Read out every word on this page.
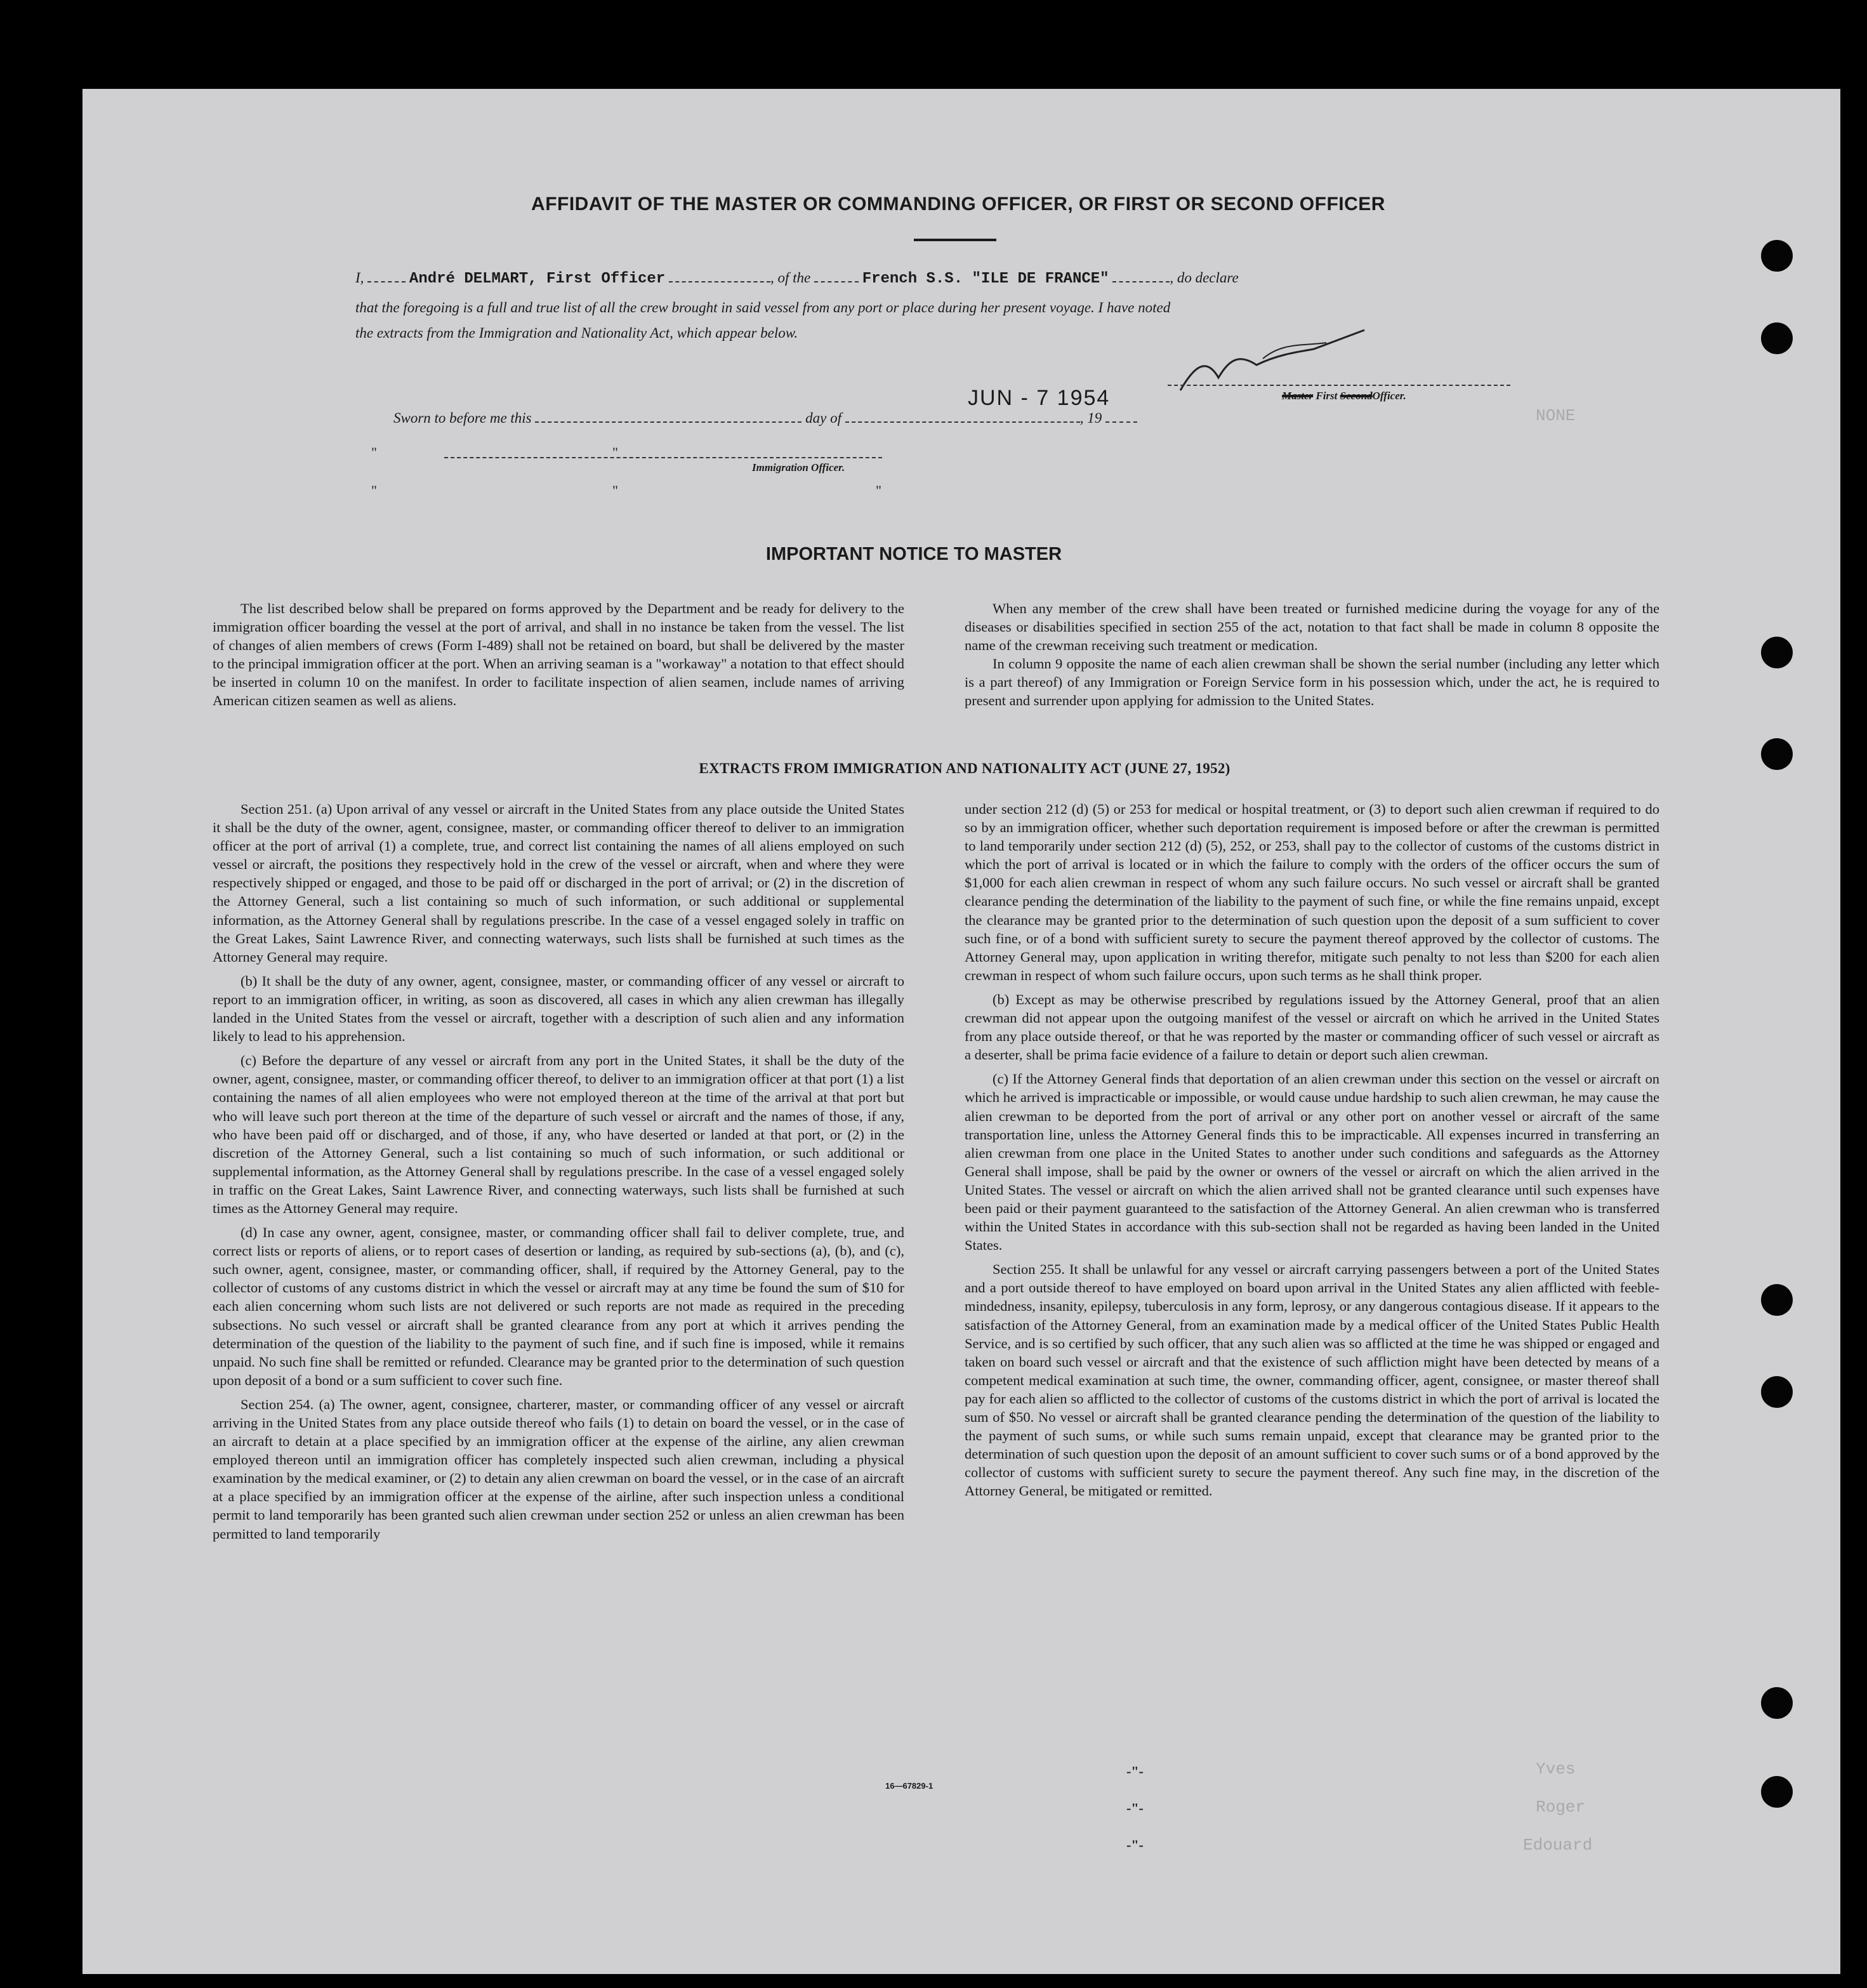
NONE
Yves
Roger
Edouard
AFFIDAVIT OF THE MASTER OR COMMANDING OFFICER, OR FIRST OR SECOND OFFICER
I,	André DELMART, First Officer	, of the	French S.S. "ILE DE FRANCE"	, do declare
that the foregoing is a full and true list of all the crew brought in said vessel from any port or place during her present voyage. I have noted
the extracts from the Immigration and Nationality Act, which appear below.
Master First SecondOfficer.
JUN - 7 1954
Sworn to before me this	day of	, 19
"	"
Immigration Officer.
"	"	"
IMPORTANT NOTICE TO MASTER

The list described below shall be prepared on forms approved by the Department and be ready for delivery to the immigration officer boarding the vessel at the port of arrival, and shall in no instance be taken from the vessel. The list of changes of alien members of crews (Form I-489) shall not be retained on board, but shall be delivered by the master to the principal immigration officer at the port. When an arriving seaman is a "workaway" a notation to that effect should be inserted in column 10 on the manifest. In order to facilitate inspection of alien seamen, include names of arriving American citizen seamen as well as aliens.

When any member of the crew shall have been treated or furnished medicine during the voyage for any of the diseases or disabilities specified in section 255 of the act, notation to that fact shall be made in column 8 opposite the name of the crewman receiving such treatment or medication.

In column 9 opposite the name of each alien crewman shall be shown the serial number (including any letter which is a part thereof) of any Immigration or Foreign Service form in his possession which, under the act, he is required to present and surrender upon applying for admission to the United States.

EXTRACTS FROM IMMIGRATION AND NATIONALITY ACT (JUNE 27, 1952)

Section 251. (a) Upon arrival of any vessel or aircraft in the United States from any place outside the United States it shall be the duty of the owner, agent, consignee, master, or commanding officer thereof to deliver to an immigration officer at the port of arrival (1) a complete, true, and correct list containing the names of all aliens employed on such vessel or aircraft, the positions they respectively hold in the crew of the vessel or aircraft, when and where they were respectively shipped or engaged, and those to be paid off or discharged in the port of arrival; or (2) in the discretion of the Attorney General, such a list containing so much of such information, or such additional or supplemental information, as the Attorney General shall by regulations prescribe. In the case of a vessel engaged solely in traffic on the Great Lakes, Saint Lawrence River, and connecting waterways, such lists shall be furnished at such times as the Attorney General may require.

(b) It shall be the duty of any owner, agent, consignee, master, or commanding officer of any vessel or aircraft to report to an immigration officer, in writing, as soon as discovered, all cases in which any alien crewman has illegally landed in the United States from the vessel or aircraft, together with a description of such alien and any information likely to lead to his apprehension.

(c) Before the departure of any vessel or aircraft from any port in the United States, it shall be the duty of the owner, agent, consignee, master, or commanding officer thereof, to deliver to an immigration officer at that port (1) a list containing the names of all alien employees who were not employed thereon at the time of the arrival at that port but who will leave such port thereon at the time of the departure of such vessel or aircraft and the names of those, if any, who have been paid off or discharged, and of those, if any, who have deserted or landed at that port, or (2) in the discretion of the Attorney General, such a list containing so much of such information, or such additional or supplemental information, as the Attorney General shall by regulations prescribe. In the case of a vessel engaged solely in traffic on the Great Lakes, Saint Lawrence River, and connecting waterways, such lists shall be furnished at such times as the Attorney General may require.

(d) In case any owner, agent, consignee, master, or commanding officer shall fail to deliver complete, true, and correct lists or reports of aliens, or to report cases of desertion or landing, as required by sub-sections (a), (b), and (c), such owner, agent, consignee, master, or commanding officer, shall, if required by the Attorney General, pay to the collector of customs of any customs district in which the vessel or aircraft may at any time be found the sum of $10 for each alien concerning whom such lists are not delivered or such reports are not made as required in the preceding subsections. No such vessel or aircraft shall be granted clearance from any port at which it arrives pending the determination of the question of the liability to the payment of such fine, and if such fine is imposed, while it remains unpaid. No such fine shall be remitted or refunded. Clearance may be granted prior to the determination of such question upon deposit of a bond or a sum sufficient to cover such fine.

Section 254. (a) The owner, agent, consignee, charterer, master, or commanding officer of any vessel or aircraft arriving in the United States from any place outside thereof who fails (1) to detain on board the vessel, or in the case of an aircraft to detain at a place specified by an immigration officer at the expense of the airline, any alien crewman employed thereon until an immigration officer has completely inspected such alien crewman, including a physical examination by the medical examiner, or (2) to detain any alien crewman on board the vessel, or in the case of an aircraft at a place specified by an immigration officer at the expense of the airline, after such inspection unless a conditional permit to land temporarily has been granted such alien crewman under section 252 or unless an alien crewman has been permitted to land temporarily

under section 212 (d) (5) or 253 for medical or hospital treatment, or (3) to deport such alien crewman if required to do so by an immigration officer, whether such deportation requirement is imposed before or after the crewman is permitted to land temporarily under section 212 (d) (5), 252, or 253, shall pay to the collector of customs of the customs district in which the port of arrival is located or in which the failure to comply with the orders of the officer occurs the sum of $1,000 for each alien crewman in respect of whom any such failure occurs. No such vessel or aircraft shall be granted clearance pending the determination of the liability to the payment of such fine, or while the fine remains unpaid, except the clearance may be granted prior to the determination of such question upon the deposit of a sum sufficient to cover such fine, or of a bond with sufficient surety to secure the payment thereof approved by the collector of customs. The Attorney General may, upon application in writing therefor, mitigate such penalty to not less than $200 for each alien crewman in respect of whom such failure occurs, upon such terms as he shall think proper.

(b) Except as may be otherwise prescribed by regulations issued by the Attorney General, proof that an alien crewman did not appear upon the outgoing manifest of the vessel or aircraft on which he arrived in the United States from any place outside thereof, or that he was reported by the master or commanding officer of such vessel or aircraft as a deserter, shall be prima facie evidence of a failure to detain or deport such alien crewman.

(c) If the Attorney General finds that deportation of an alien crewman under this section on the vessel or aircraft on which he arrived is impracticable or impossible, or would cause undue hardship to such alien crewman, he may cause the alien crewman to be deported from the port of arrival or any other port on another vessel or aircraft of the same transportation line, unless the Attorney General finds this to be impracticable. All expenses incurred in transferring an alien crewman from one place in the United States to another under such conditions and safeguards as the Attorney General shall impose, shall be paid by the owner or owners of the vessel or aircraft on which the alien arrived in the United States. The vessel or aircraft on which the alien arrived shall not be granted clearance until such expenses have been paid or their payment guaranteed to the satisfaction of the Attorney General. An alien crewman who is transferred within the United States in accordance with this sub-section shall not be regarded as having been landed in the United States.

Section 255. It shall be unlawful for any vessel or aircraft carrying passengers between a port of the United States and a port outside thereof to have employed on board upon arrival in the United States any alien afflicted with feeble-mindedness, insanity, epilepsy, tuberculosis in any form, leprosy, or any dangerous contagious disease. If it appears to the satisfaction of the Attorney General, from an examination made by a medical officer of the United States Public Health Service, and is so certified by such officer, that any such alien was so afflicted at the time he was shipped or engaged and taken on board such vessel or aircraft and that the existence of such affliction might have been detected by means of a competent medical examination at such time, the owner, commanding officer, agent, consignee, or master thereof shall pay for each alien so afflicted to the collector of customs of the customs district in which the port of arrival is located the sum of $50. No vessel or aircraft shall be granted clearance pending the determination of the question of the liability to the payment of such sums, or while such sums remain unpaid, except that clearance may be granted prior to the determination of such question upon the deposit of an amount sufficient to cover such sums or of a bond approved by the collector of customs with sufficient surety to secure the payment thereof. Any such fine may, in the discretion of the Attorney General, be mitigated or remitted.

16—67829-1
-"-
-"-
-"-
